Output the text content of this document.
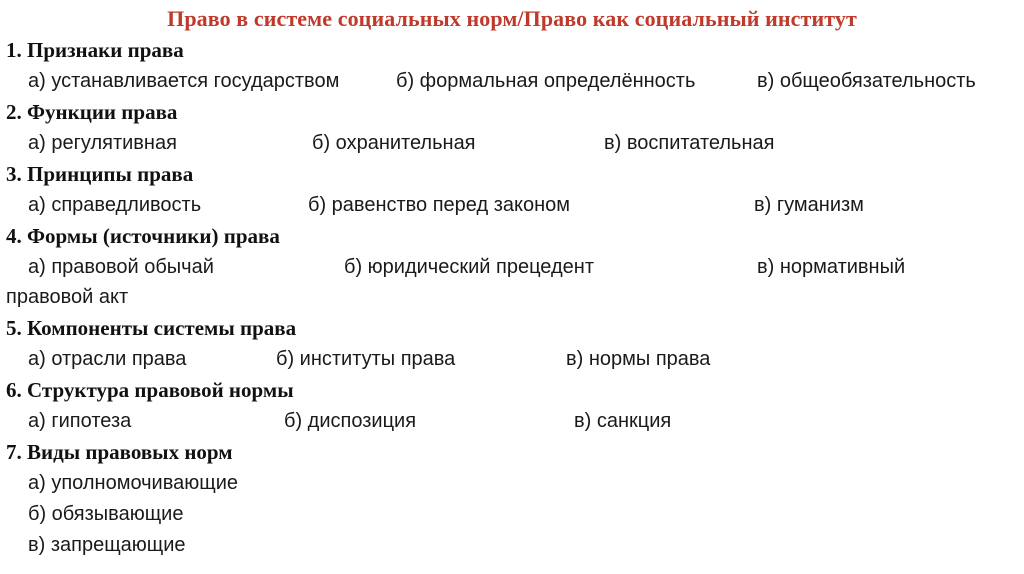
Право в системе социальных норм/Право как социальный институт
1. Признаки права
а) устанавливается государством	б) формальная определённость	в) общеобязательность
2. Функции права
а) регулятивная	б) охранительная	в) воспитательная
3. Принципы права
а) справедливость	б) равенство перед законом	в) гуманизм
4. Формы (источники) права
а) правовой обычай	б) юридический прецедент	в) нормативный
правовой акт
5. Компоненты системы права
а) отрасли права	б) институты права	в) нормы права
6. Структура правовой нормы
а) гипотеза	б) диспозиция	в) санкция
7. Виды правовых норм
а) уполномочивающие
б) обязывающие
в) запрещающие
